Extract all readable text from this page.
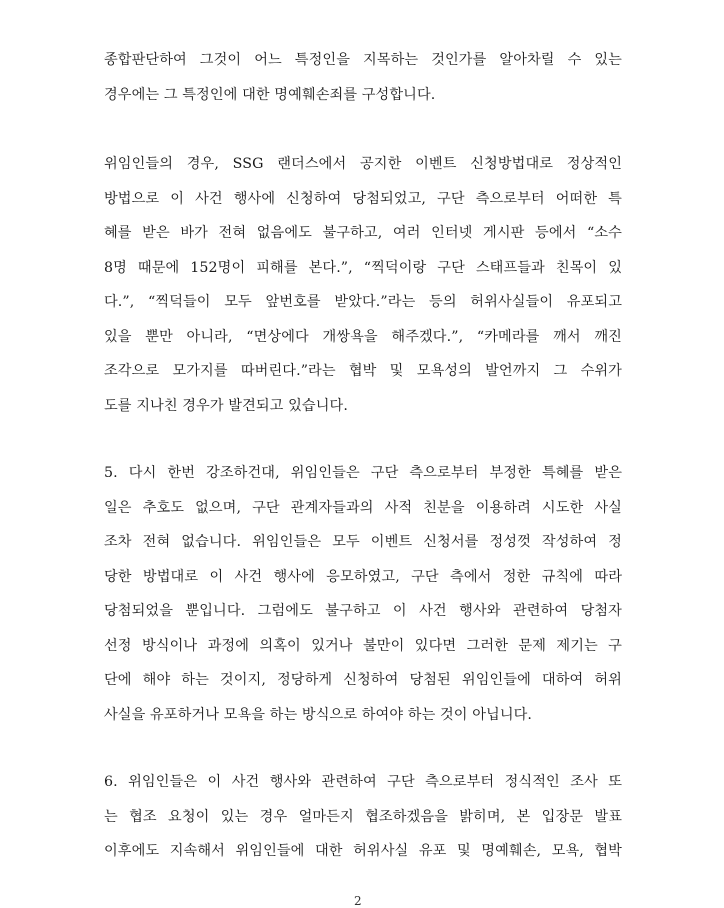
종합판단하여 그것이 어느 특정인을 지목하는 것인가를 알아차릴 수 있는
경우에는 그 특정인에 대한 명예훼손죄를 구성합니다.
위임인들의 경우, SSG 랜더스에서 공지한 이벤트 신청방법대로 정상적인
방법으로 이 사건 행사에 신청하여 당첨되었고, 구단 측으로부터 어떠한 특
혜를 받은 바가 전혀 없음에도 불구하고, 여러 인터넷 게시판 등에서 “소수
8명 때문에 152명이 피해를 본다.”, “찍덕이랑 구단 스태프들과 친목이 있
다.”, “찍덕들이 모두 앞번호를 받았다.”라는 등의 허위사실들이 유포되고
있을 뿐만 아니라, “면상에다 개쌍욕을 해주겠다.”, “카메라를 깨서 깨진
조각으로 모가지를 따버린다.”라는 협박 및 모욕성의 발언까지 그 수위가
도를 지나친 경우가 발견되고 있습니다.
5. 다시 한번 강조하건대, 위임인들은 구단 측으로부터 부정한 특혜를 받은
일은 추호도 없으며, 구단 관계자들과의 사적 친분을 이용하려 시도한 사실
조차 전혀 없습니다. 위임인들은 모두 이벤트 신청서를 정성껏 작성하여 정
당한 방법대로 이 사건 행사에 응모하였고, 구단 측에서 정한 규칙에 따라
당첨되었을 뿐입니다. 그럼에도 불구하고 이 사건 행사와 관련하여 당첨자
선정 방식이나 과정에 의혹이 있거나 불만이 있다면 그러한 문제 제기는 구
단에 해야 하는 것이지, 정당하게 신청하여 당첨된 위임인들에 대하여 허위
사실을 유포하거나 모욕을 하는 방식으로 하여야 하는 것이 아닙니다.
6. 위임인들은 이 사건 행사와 관련하여 구단 측으로부터 정식적인 조사 또
는 협조 요청이 있는 경우 얼마든지 협조하겠음을 밝히며, 본 입장문 발표
이후에도 지속해서 위임인들에 대한 허위사실 유포 및 명예훼손, 모욕, 협박
2
